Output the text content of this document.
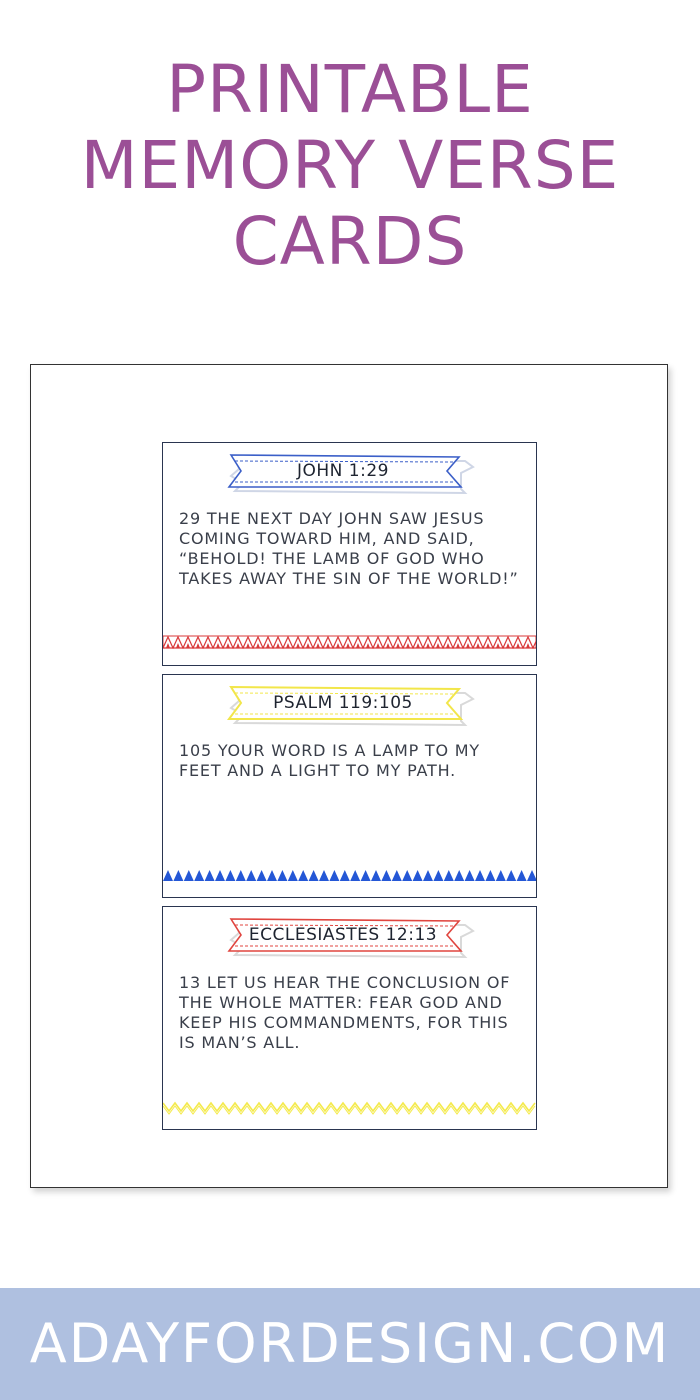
PRINTABLE
MEMORY VERSE
CARDS
JOHN 1:29

29 THE NEXT DAY JOHN SAW JESUS COMING TOWARD HIM, AND SAID, “BEHOLD! THE LAMB OF GOD WHO TAKES AWAY THE SIN OF THE WORLD!”

PSALM 119:105

105 YOUR WORD IS A LAMP TO MY FEET AND A LIGHT TO MY PATH.

ECCLESIASTES 12:13

13 LET US HEAR THE CONCLUSION OF THE WHOLE MATTER: FEAR GOD AND KEEP HIS COMMANDMENTS, FOR THIS IS MAN’S ALL.

ADAYFORDESIGN.COM
